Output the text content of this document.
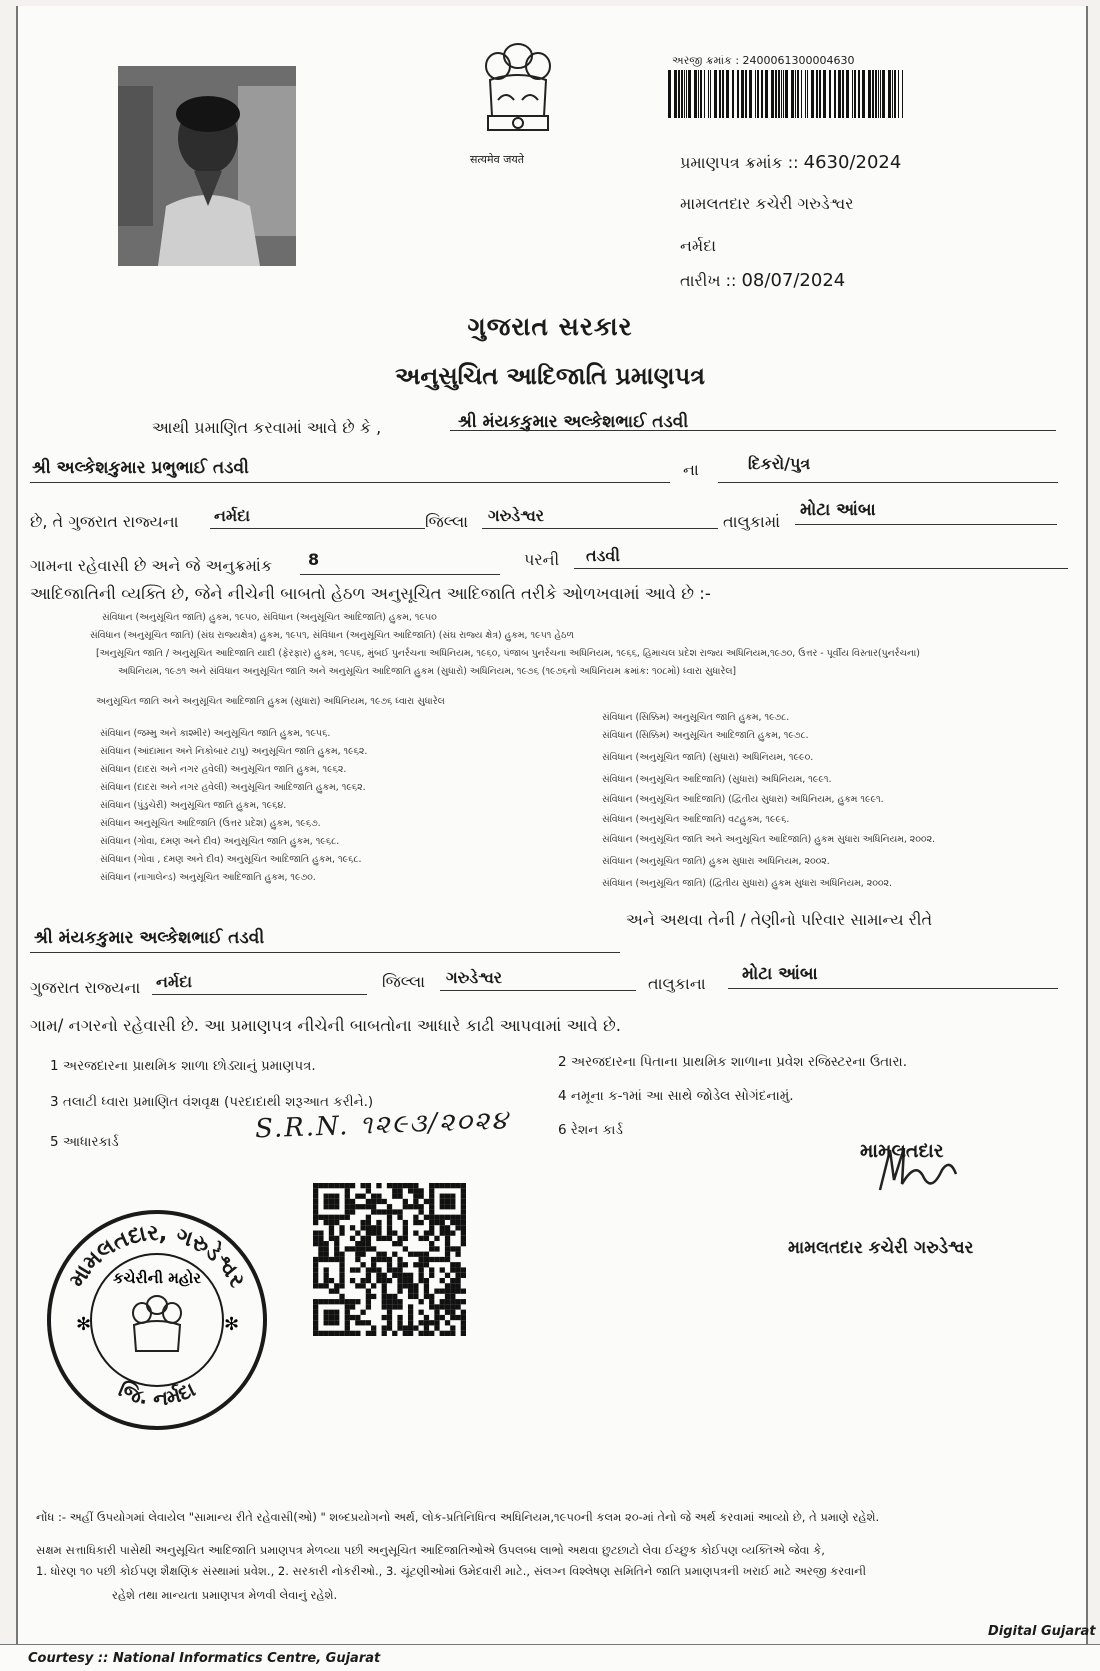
सत्यमेव जयते
અરજી ક્રમાંક : 2400061300004630
પ્રમાણપત્ર ક્રમાંક :: 4630/2024
મામલતદાર કચેરી ગરુડેશ્વર
નર્મદા
તારીખ :: 08/07/2024
ગુજરાત સરકાર
અનુસુચિત આદિજાતિ પ્રમાણપત્ર
આથી પ્રમાણિત કરવામાં આવે છે કે ,	શ્રી મંયકકુમાર અલ્કેશભાઈ તડવી
શ્રી અલ્કેશકુમાર પ્રભુભાઈ તડવી	ના	દિકરો/પુત્ર
છે, તે ગુજરાત રાજ્યના નર્મદા	જિલ્લા ગરુડેશ્વર	તાલુકામાં
મોટા આંબા
ગામના રહેવાસી છે અને જે અનુક્રમાંક 8	પરની તડવી
આદિજાતિની વ્યક્તિ છે, જેને નીચેની બાબતો હેઠળ અનુસૂચિત આદિજાતિ તરીકે ઓળખવામાં આવે છે :-
સંવિધાન (અનુસૂચિત જાતિ) હુકમ, ૧૯૫૦, સંવિધાન (અનુસૂચિત આદિજાતિ) હુકમ, ૧૯૫૦
સંવિધાન (અનુસૂચિત જાતિ) (સંઘ રાજ્યક્ષેત્ર) હુકમ, ૧૯૫૧, સંવિધાન (અનુસૂચિત આદિજાતિ) (સંઘ રાજ્ય ક્ષેત્ર) હુકમ, ૧૯૫૧ હેઠળ
[અનુસૂચિત જાતિ / અનુસૂચિત આદિજાતિ યાદી (ફેરફાર) હુકમ, ૧૯૫૬, મુંબઈ પુનર્રચના અધિનિયમ, ૧૯૬૦, પંજાબ પુનર્રચના અધિનિયમ, ૧૯૬૬, હિમાચલ પ્રદેશ રાજ્ય અધિનિયમ,૧૯૭૦, ઉત્તર - પૂર્વીય વિસ્તાર(પુનર્રચના)
અધિનિયમ, ૧૯૭૧ અને સંવિધાન અનુસૂચિત જાતિ અને અનુસૂચિત આદિજાતિ હુકમ (સુધારો) અધિનિયમ, ૧૯૭૬ (૧૯૭૬નો અધિનિયમ ક્રમાંક: ૧૦૮મો) ધ્વારા સુધારેલ]
અનુસૂચિત જાતિ અને અનુસૂચિત આદિજાતિ હુકમ (સુધારા) અધિનિયમ, ૧૯૭૬ ધ્વારા સુધારેલ
સંવિધાન (જમ્મુ અને કાશ્મીર) અનુસૂચિત જાતિ હુકમ, ૧૯૫૬.
સંવિધાન (આંદામાન અને નિકોબાર ટાપુ) અનુસૂચિત જાતિ હુકમ, ૧૯૬૨.
સંવિધાન (દાદરા અને નગર હવેલી) અનુસૂચિત જાતિ હુકમ, ૧૯૬૨.
સંવિધાન (દાદરા અને નગર હવેલી) અનુસૂચિત આદિજાતિ હુકમ, ૧૯૬૨.
સંવિધાન (પુંડુચેરી) અનુસૂચિત જાતિ હુકમ, ૧૯૬૪.
સંવિધાન અનુસૂચિત આદિજાતિ (ઉત્તર પ્રદેશ) હુકમ, ૧૯૬૭.
સંવિધાન (ગોવા, દમણ અને દીવ) અનુસૂચિત જાતિ હુકમ, ૧૯૬૮.
સંવિધાન (ગોવા , દમણ અને દીવ) અનુસૂચિત આદિજાતિ હુકમ, ૧૯૬૮.
સંવિધાન (નાગાલેન્ડ) અનુસૂચિત આદિજાતિ હુકમ, ૧૯૭૦.
સંવિધાન (સિક્કિમ) અનુસૂચિત જાતિ હુકમ, ૧૯૭૮.
સંવિધાન (સિક્કિમ) અનુસૂચિત આદિજાતિ હુકમ, ૧૯૭૮.
સંવિધાન (અનુસૂચિત જાતિ) (સુધારા) અધિનિયમ, ૧૯૯૦.
સંવિધાન (અનુસૂચિત આદિજાતિ) (સુધારા) અધિનિયમ, ૧૯૯૧.
સંવિધાન (અનુસૂચિત આદિજાતિ) (દ્વિતીય સુધારા) અધિનિયમ, હુકમ ૧૯૯૧.
સંવિધાન (અનુસૂચિત આદિજાતિ) વટહુકમ, ૧૯૯૬.
સંવિધાન (અનુસૂચિત જાતિ અને અનુસૂચિત આદિજાતિ) હુકમ સુધારા અધિનિયમ, ૨૦૦૨.
સંવિધાન (અનુસૂચિત જાતિ) હુકમ સુધારા અધિનિયમ, ૨૦૦૨.
સંવિધાન (અનુસૂચિત જાતિ) (દ્વિતીય સુધારા) હુકમ સુધારા અધિનિયમ, ૨૦૦૨.
અને અથવા તેની / તેણીનો પરિવાર સામાન્ય રીતે
શ્રી મંયકકુમાર અલ્કેશભાઈ તડવી
ગુજરાત રાજ્યના નર્મદા	જિલ્લા ગરુડેશ્વર	તાલુકાના મોટા આંબા
ગામ/ નગરનો રહેવાસી છે. આ પ્રમાણપત્ર નીચેની બાબતોના આધારે કાઢી આપવામાં આવે છે.
1 અરજદારના પ્રાથમિક શાળા છોડ્યાનું પ્રમાણપત્ર.	2 અરજદારના પિતાના પ્રાથમિક શાળાના પ્રવેશ રજિસ્ટરના ઉતારા.
3 તલાટી ધ્વારા પ્રમાણિત વંશવૃક્ષ (પરદાદાથી શરૂઆત કરીને.)	4 નમૂના ક-૧માં આ સાથે જોડેલ સોગંદનામું.
5 આધારકાર્ડ
6 રેશન કાર્ડ
S.R.N. ૧૨૯૩/૨૦૨૪
મામલતદાર
મામલતદાર કચેરી ગરુડેશ્વર
✻	✻
મામલતદાર, ગરુડેશ્વર
જિ. નર્મદા
કચેરીની મહોર
નોંધ :- અહીં ઉપયોગમાં લેવાયેલ "સામાન્ય રીતે રહેવાસી(ઓ) " શબ્દપ્રયોગનો અર્થ, લોક-પ્રતિનિધિત્વ અધિનિયમ,૧૯૫૦ની કલમ ૨૦-માં તેનો જે અર્થ કરવામાં આવ્યો છે, તે પ્રમાણે રહેશે.
સક્ષમ સત્તાધિકારી પાસેથી અનુસૂચિત આદિજાતિ પ્રમાણપત્ર મેળવ્યા પછી અનુસૂચિત આદિજાતિઓએ ઉપલબ્ધ લાભો અથવા છુટછાટો લેવા ઈચ્છુક કોઈપણ વ્યક્તિએ જેવા કે,
1. ધોરણ ૧૦ પછી કોઈપણ શૈક્ષણિક સંસ્થામાં પ્રવેશ., 2. સરકારી નોકરીઓ., 3. ચૂંટણીઓમાં ઉમેદવારી માટે., સંલગ્ન વિશ્લેષણ સમિતિને જાતિ પ્રમાણપત્રની ખરાઈ માટે અરજી કરવાની
રહેશે તથા માન્યતા પ્રમાણપત્ર મેળવી લેવાનું રહેશે.
Digital Gujarat
Courtesy :: National Informatics Centre, Gujarat
